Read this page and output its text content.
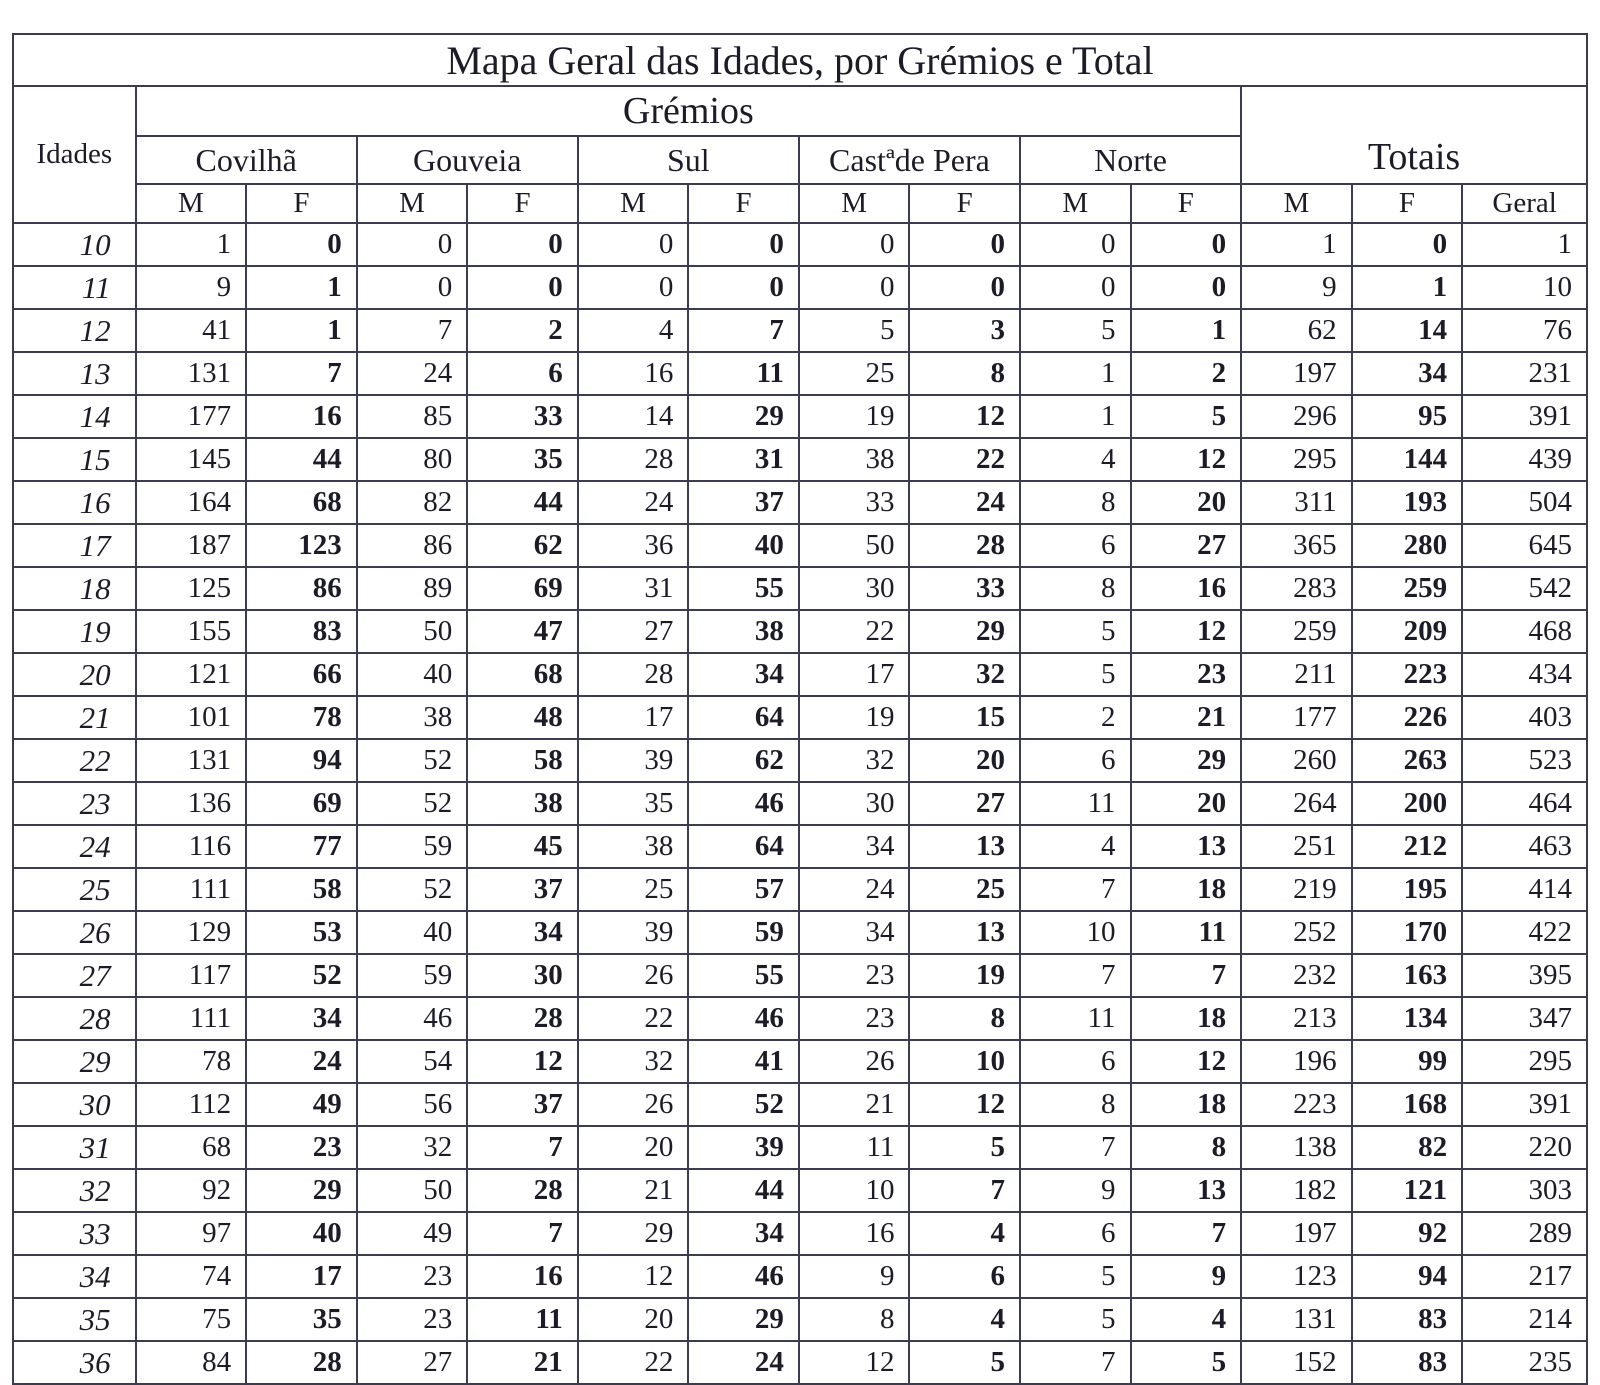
Mapa Geral das Idades, por Grémios e Total													
Idades	Grémios										Totais		
	Covilhã		Gouveia		Sul		Castªde Pera		Norte				
	M	F	M	F	M	F	M	F	M	F	M	F	Geral
10	1	0	0	0	0	0	0	0	0	0	1	0	1
11	9	1	0	0	0	0	0	0	0	0	9	1	10
12	41	1	7	2	4	7	5	3	5	1	62	14	76
13	131	7	24	6	16	11	25	8	1	2	197	34	231
14	177	16	85	33	14	29	19	12	1	5	296	95	391
15	145	44	80	35	28	31	38	22	4	12	295	144	439
16	164	68	82	44	24	37	33	24	8	20	311	193	504
17	187	123	86	62	36	40	50	28	6	27	365	280	645
18	125	86	89	69	31	55	30	33	8	16	283	259	542
19	155	83	50	47	27	38	22	29	5	12	259	209	468
20	121	66	40	68	28	34	17	32	5	23	211	223	434
21	101	78	38	48	17	64	19	15	2	21	177	226	403
22	131	94	52	58	39	62	32	20	6	29	260	263	523
23	136	69	52	38	35	46	30	27	11	20	264	200	464
24	116	77	59	45	38	64	34	13	4	13	251	212	463
25	111	58	52	37	25	57	24	25	7	18	219	195	414
26	129	53	40	34	39	59	34	13	10	11	252	170	422
27	117	52	59	30	26	55	23	19	7	7	232	163	395
28	111	34	46	28	22	46	23	8	11	18	213	134	347
29	78	24	54	12	32	41	26	10	6	12	196	99	295
30	112	49	56	37	26	52	21	12	8	18	223	168	391
31	68	23	32	7	20	39	11	5	7	8	138	82	220
32	92	29	50	28	21	44	10	7	9	13	182	121	303
33	97	40	49	7	29	34	16	4	6	7	197	92	289
34	74	17	23	16	12	46	9	6	5	9	123	94	217
35	75	35	23	11	20	29	8	4	5	4	131	83	214
36	84	28	27	21	22	24	12	5	7	5	152	83	235
